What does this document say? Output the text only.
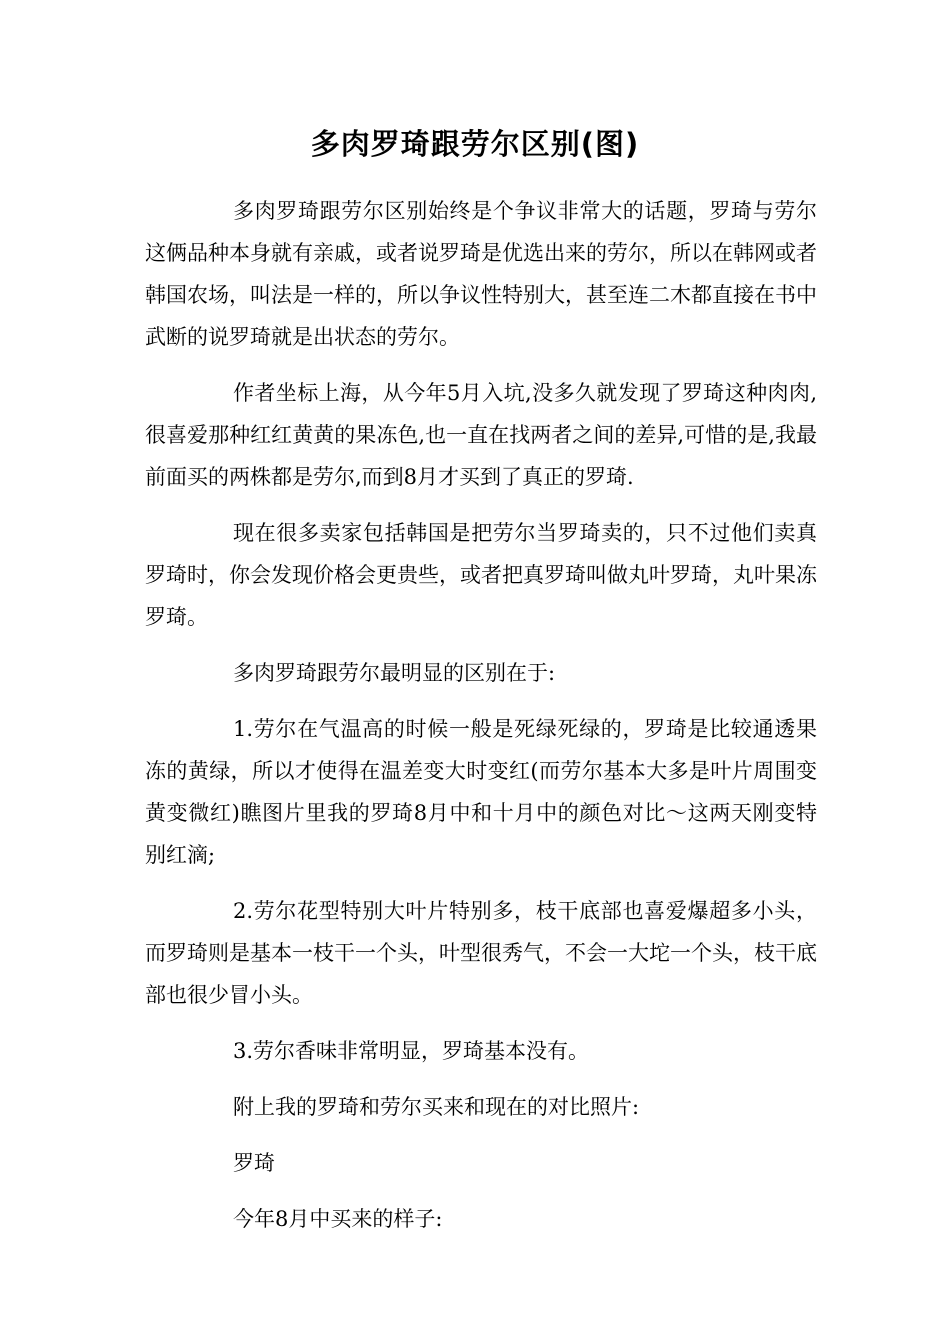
多肉罗琦跟劳尔区别(图)

多肉罗琦跟劳尔区别始终是个争议非常大的话题，罗琦与劳尔这俩品种本身就有亲戚，或者说罗琦是优选出来的劳尔，所以在韩网或者韩国农场，叫法是一样的，所以争议性特别大，甚至连二木都直接在书中武断的说罗琦就是出状态的劳尔。

作者坐标上海，从今年5月入坑,没多久就发现了罗琦这种肉肉,很喜爱那种红红黄黄的果冻色,也一直在找两者之间的差异,可惜的是,我最前面买的两株都是劳尔,而到8月才买到了真正的罗琦.

现在很多卖家包括韩国是把劳尔当罗琦卖的，只不过他们卖真罗琦时，你会发现价格会更贵些，或者把真罗琦叫做丸叶罗琦，丸叶果冻罗琦。

多肉罗琦跟劳尔最明显的区别在于:

1.劳尔在气温高的时候一般是死绿死绿的，罗琦是比较通透果冻的黄绿，所以才使得在温差变大时变红(而劳尔基本大多是叶片周围变黄变微红)瞧图片里我的罗琦8月中和十月中的颜色对比～这两天刚变特别红滴;

2.劳尔花型特别大叶片特别多，枝干底部也喜爱爆超多小头，而罗琦则是基本一枝干一个头，叶型很秀气，不会一大坨一个头，枝干底部也很少冒小头。

3.劳尔香味非常明显，罗琦基本没有。

附上我的罗琦和劳尔买来和现在的对比照片:

罗琦

今年8月中买来的样子:
